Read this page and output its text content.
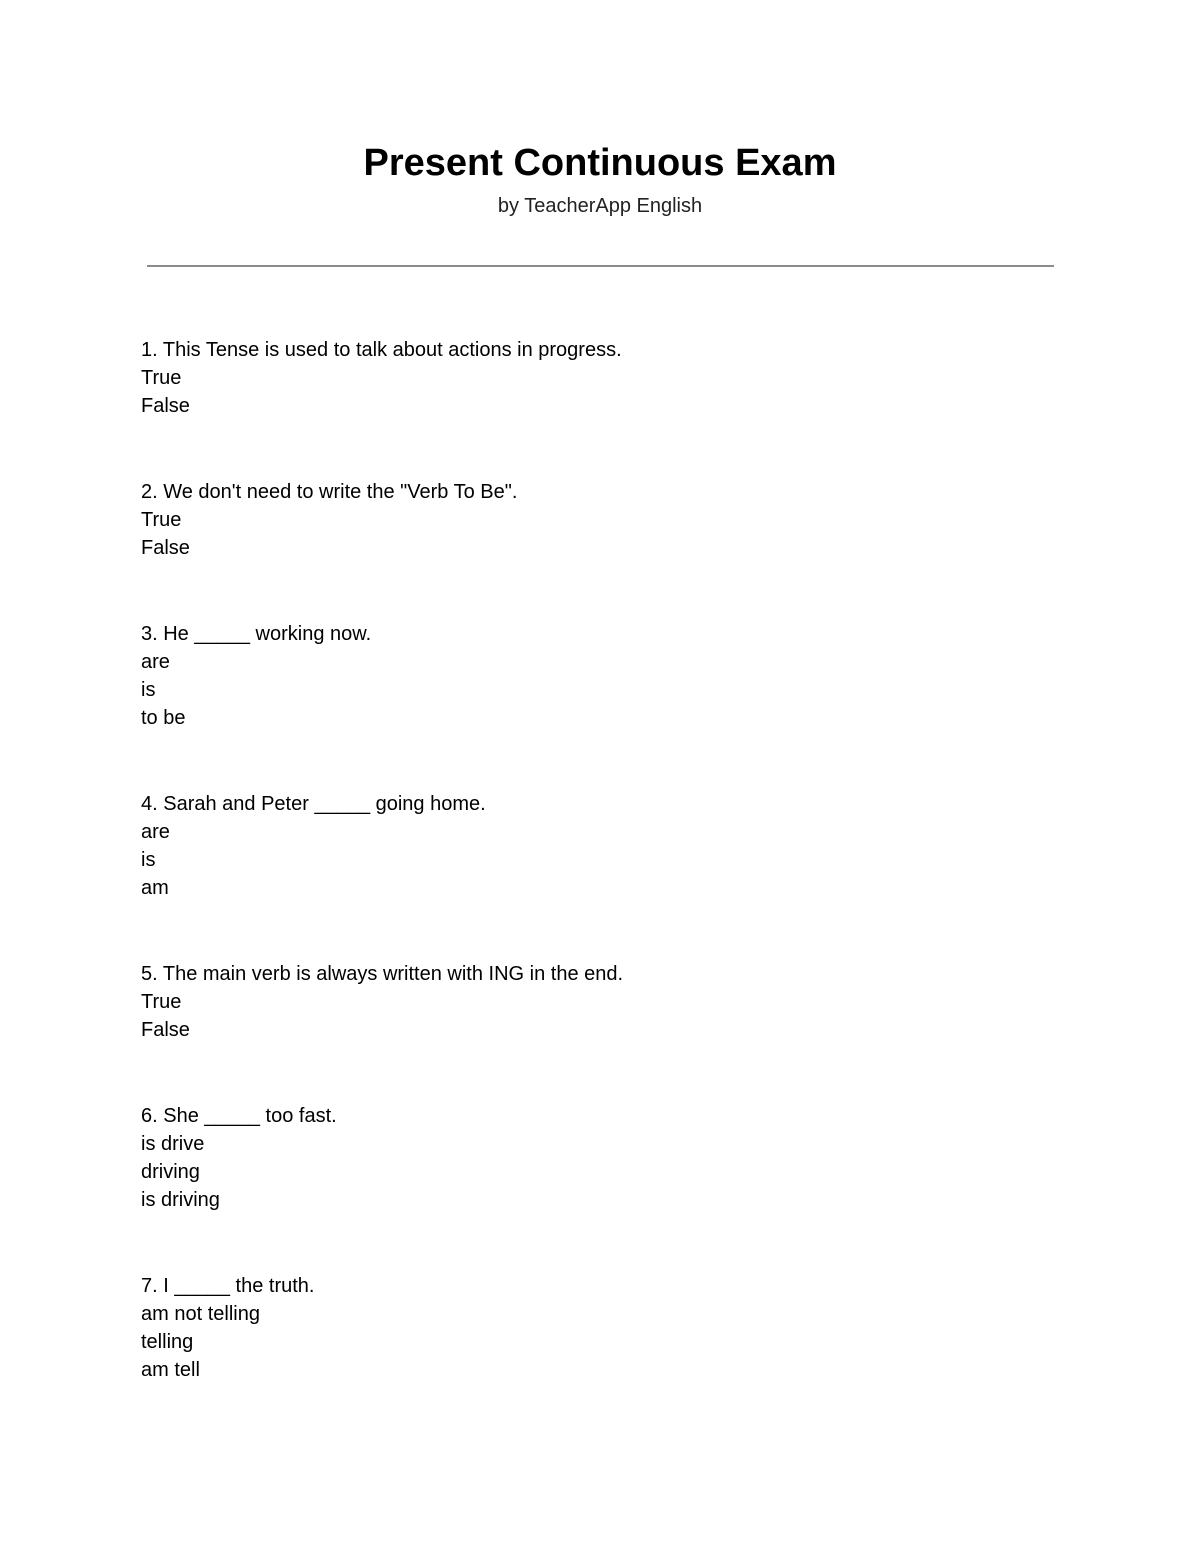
Present Continuous Exam
by TeacherApp English
1. This Tense is used to talk about actions in progress.
True
False
2. We don't need to write the "Verb To Be".
True
False
3. He _____ working now.
are
is
to be
4. Sarah and Peter _____ going home.
are
is
am
5. The main verb is always written with ING in the end.
True
False
6. She _____ too fast.
is drive
driving
is driving
7. I _____ the truth.
am not telling
telling
am tell
